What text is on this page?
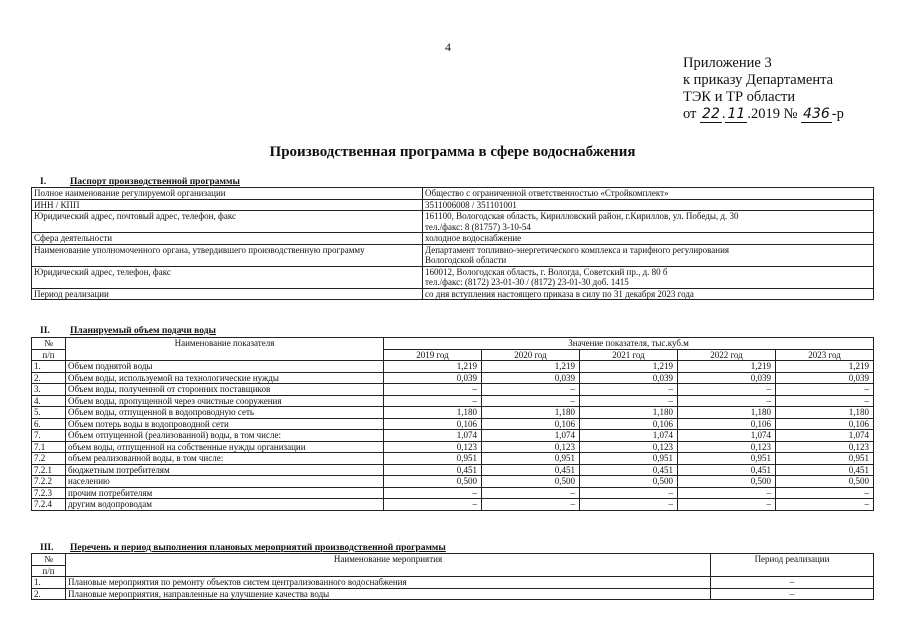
4
Приложение 3
к приказу Департамента
ТЭК и ТР области
от 22 . 11 .2019 № 436 -р
Производственная программа в сфере водоснабжения
I.	Паспорт производственной программы
Полное наименование регулируемой организации	Общество с ограниченной ответственностью «Стройкомплект»

ИНН / КПП	3511006008 / 351101001

Юридический адрес, почтовый адрес, телефон, факс	161100, Вологодская область, Кирилловский район, г.Кириллов, ул. Победы, д. 30
тел./факс: 8 (81757) 3-10-54

Сфера деятельности	холодное водоснабжение

Наименование уполномоченного органа, утвердившего производственную программу	Департамент топливно-энергетического комплекса и тарифного регулирования
Вологодской области

Юридический адрес, телефон, факс	160012, Вологодская область, г. Вологда, Советский пр., д. 80 б
тел./факс: (8172) 23-01-30 / (8172) 23-01-30 доб. 1415

Период реализации	со дня вступления настоящего приказа в силу по 31 декабря 2023 года
II. Планируемый объем подачи воды
№	Наименование показателя	Значение показателя, тыс.куб.м				
п/п		2019 год	2020 год	2021 год	2022 год	2023 год
1.	Объем поднятой воды	1,219	1,219	1,219	1,219	1,219
2.	Объем воды, используемой на технологические нужды	0,039	0,039	0,039	0,039	0,039
3.	Объем воды, полученной от сторонних поставщиков	–	–	–	–	–
4.	Объем воды, пропущенной через очистные сооружения	–	–	–	–	–
5.	Объем воды, отпущенной в водопроводную сеть	1,180	1,180	1,180	1,180	1,180
6.	Объем потерь воды в водопроводной сети	0,106	0,106	0,106	0,106	0,106
7.	Объем отпущенной (реализованной) воды, в том числе:	1,074	1,074	1,074	1,074	1,074
7.1	объем воды, отпущенной на собственные нужды организации	0,123	0,123	0,123	0,123	0,123
7.2	объем реализованной воды, в том числе:	0,951	0,951	0,951	0,951	0,951
7.2.1	бюджетным потребителям	0,451	0,451	0,451	0,451	0,451
7.2.2	населению	0,500	0,500	0,500	0,500	0,500
7.2.3	прочим потребителям	–	–	–	–	–
7.2.4	другим водопроводам	–	–	–	–	–
III. Перечень и период выполнения плановых мероприятий производственной программы
№	Наименование мероприятия	Период реализации
п/п		
1.	Плановые мероприятия по ремонту объектов систем централизованного водоснабжения	–
2.	Плановые мероприятия, направленные на улучшение качества воды	–
